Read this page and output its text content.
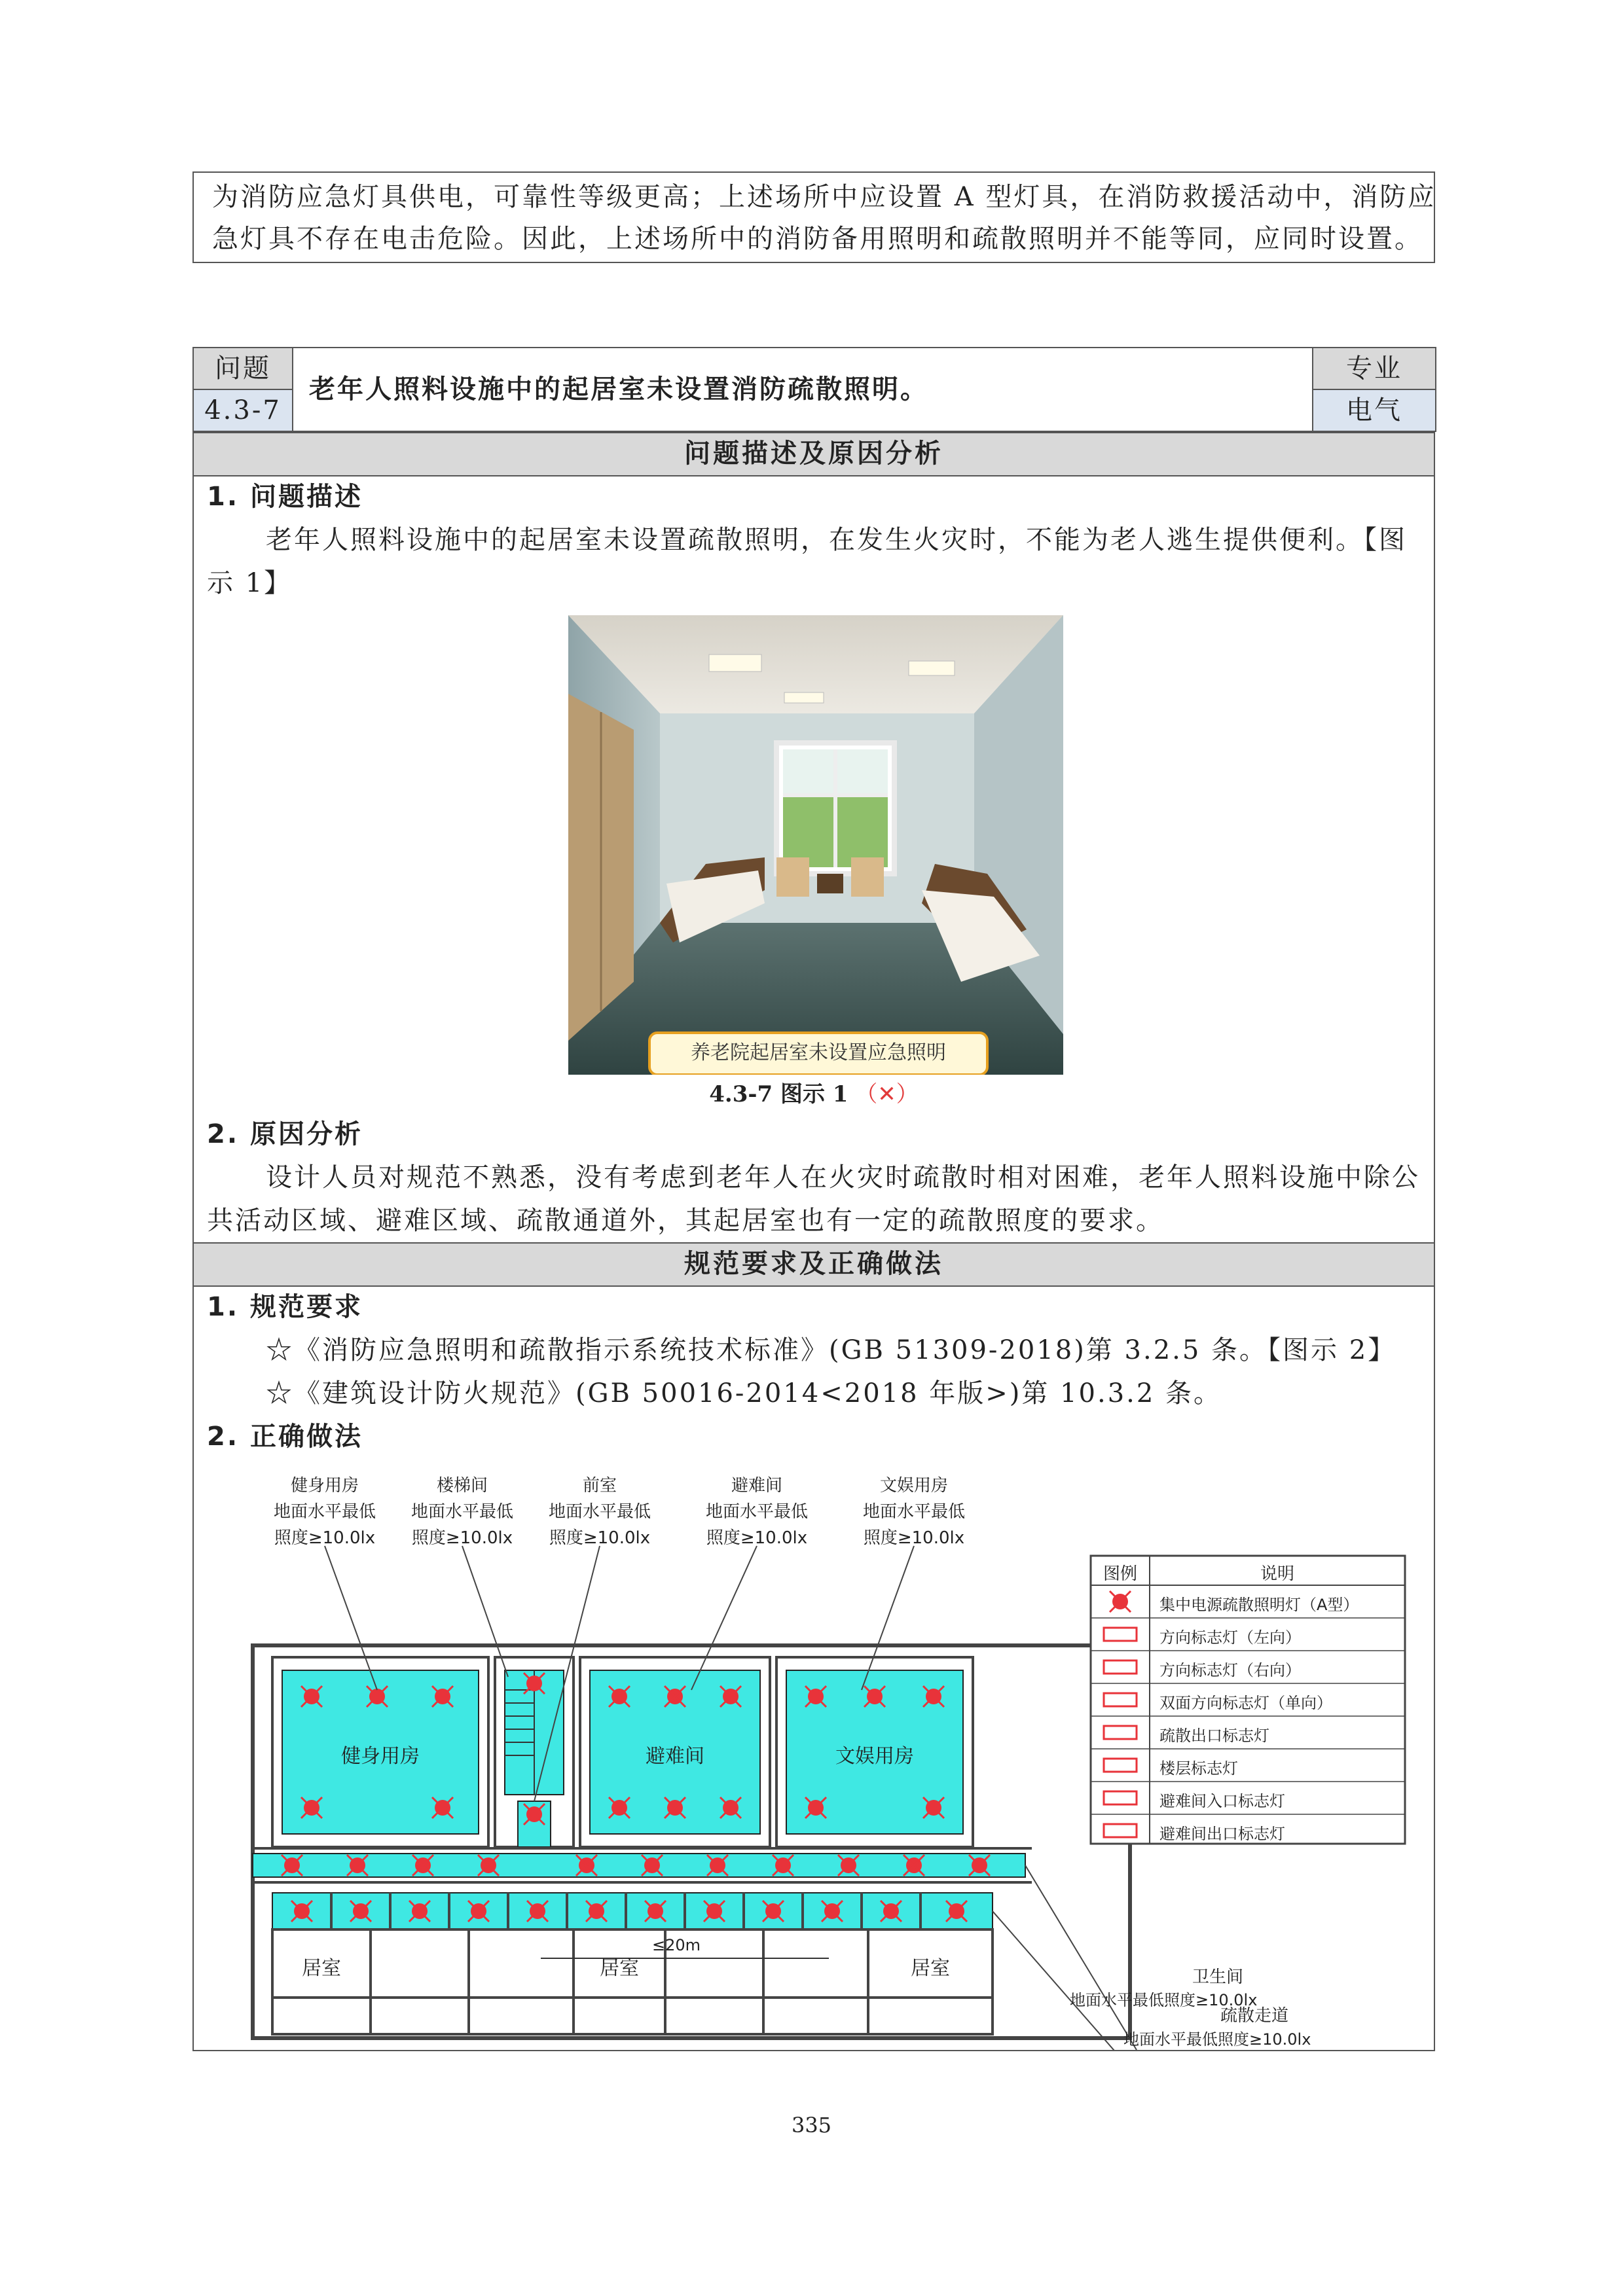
为消防应急灯具供电，可靠性等级更高；上述场所中应设置 A 型灯具，在消防救援活动中，消防应
急灯具不存在电击危险。因此，上述场所中的消防备用照明和疏散照明并不能等同，应同时设置。
问题
4.3-7
老年人照料设施中的起居室未设置消防疏散照明。
专业
电气
问题描述及原因分析
1. 问题描述
老年人照料设施中的起居室未设置疏散照明，在发生火灾时，不能为老人逃生提供便利。【图
示 1】
养老院起居室未设置应急照明
4.3-7 图示 1 （✕）
2. 原因分析
设计人员对规范不熟悉，没有考虑到老年人在火灾时疏散时相对困难，老年人照料设施中除公
共活动区域、避难区域、疏散通道外，其起居室也有一定的疏散照度的要求。
规范要求及正确做法
1. 规范要求
☆《消防应急照明和疏散指示系统技术标准》(GB 51309-2018)第 3.2.5 条。【图示 2】
☆《建筑设计防火规范》(GB 50016-2014<2018 年版>)第 10.3.2 条。
2. 正确做法
健身用房
地面水平最低
照度≥10.0lx
楼梯间
地面水平最低
照度≥10.0lx
前室
地面水平最低
照度≥10.0lx
避难间
地面水平最低
照度≥10.0lx
文娱用房
地面水平最低
照度≥10.0lx
健身用房	避难间	文娱用房
居室	居室	居室
≤20m
疏散走道
地面水平最低照度≥10.0lx
图例	说明
集中电源疏散照明灯（A型）
方向标志灯（左向）
方向标志灯（右向）
双面方向标志灯（单向）
疏散出口标志灯
楼层标志灯
避难间入口标志灯
避难间出口标志灯
卫生间
地面水平最低照度≥10.0lx
335
